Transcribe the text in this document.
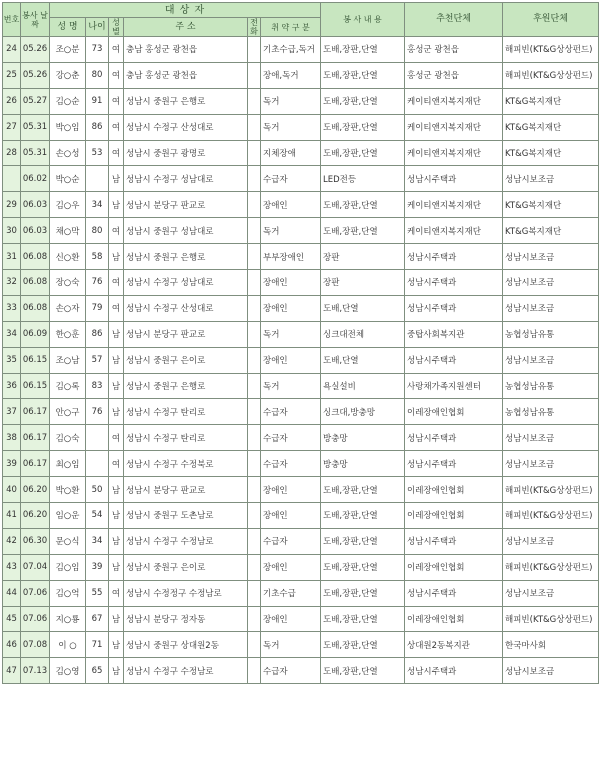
번호	봉사 날짜	대 상 자						봉 사 내 용	추천단체	후원단체
		성 명	나이	성별	주 소	전화	취 약 구 분			
24	05.26	조○분	73	여	충남 홍성군 광천읍		기초수급,독거	도배,장판,단열	홍성군 광천읍	해피빈(KT&G상상펀드)
25	05.26	강○춘	80	여	충남 홍성군 광천읍		장애,독거	도배,장판,단열	홍성군 광천읍	해피빈(KT&G상상펀드)
26	05.27	김○순	91	여	성남시 중원구 은행로		독거	도배,장판,단열	케이티앤지복지재단	KT&G복지재단
27	05.31	박○임	86	여	성남시 수정구 산성대로		독거	도배,장판,단열	케이티앤지복지재단	KT&G복지재단
28	05.31	손○성	53	여	성남시 중원구 광명로		지체장애	도배,장판,단열	케이티앤지복지재단	KT&G복지재단
	06.02	박○순		남	성남시 수정구 성남대로		수급자	LED전등	성남시주택과	성남시보조금
29	06.03	김○우	34	남	성남시 분당구 판교로		장애인	도배,장판,단열	케이티앤지복지재단	KT&G복지재단
30	06.03	채○막	80	여	성남시 중원구 성남대로		독거	도배,장판,단열	케이티앤지복지재단	KT&G복지재단
31	06.08	신○환	58	남	성남시 중원구 은행로		부부장애인	장판	성남시주택과	성남시보조금
32	06.08	장○숙	76	여	성남시 수정구 성남대로		장애인	장판	성남시주택과	성남시보조금
33	06.08	손○자	79	여	성남시 수정구 산성대로		장애인	도배,단열	성남시주택과	성남시보조금
34	06.09	한○훈	86	남	성남시 분당구 판교로		독거	싱크대전체	중탑사회복지관	농협성남유통
35	06.15	조○남	57	남	성남시 중원구 은이로		장애인	도배,단열	성남시주택과	성남시보조금
36	06.15	김○록	83	남	성남시 중원구 은행로		독거	욕실설비	사랑채가족지원센터	농협성남유통
37	06.17	안○구	76	남	성남시 수정구 탄리로		수급자	싱크대,방충망	이레장애인협회	농협성남유통
38	06.17	김○숙		여	성남시 수정구 탄리로		수급자	방충망	성남시주택과	성남시보조금
39	06.17	최○임		여	성남시 수정구 수정북로		수급자	방충망	성남시주택과	성남시보조금
40	06.20	박○환	50	남	성남시 분당구 판교로		장애인	도배,장판,단열	이레장애인협회	해피빈(KT&G상상펀드)
41	06.20	임○운	54	남	성남시 중원구 도촌남로		장애인	도배,장판,단열	이레장애인협회	해피빈(KT&G상상펀드)
42	06.30	문○식	34	남	성남시 수정구 수정남로		수급자	도배,장판,단열	성남시주택과	성남시보조금
43	07.04	김○임	39	남	성남시 중원구 은이로		장애인	도배,장판,단열	이레장애인협회	해피빈(KT&G상상펀드)
44	07.06	김○억	55	여	성남시 수정정구 수정남로		기초수급	도배,장판,단열	성남시주택과	성남시보조금
45	07.06	지○룡	67	남	성남시 분당구 정자동		장애인	도배,장판,단열	이레장애인협회	해피빈(KT&G상상펀드)
46	07.08	이 ○	71	남	성남시 중원구 상대원2동		독거	도배,장판,단열	상대원2동복지관	한국마사회
47	07.13	김○영	65	남	성남시 수정구 수정남로		수급자	도배,장판,단열	성남시주택과	성남시보조금
